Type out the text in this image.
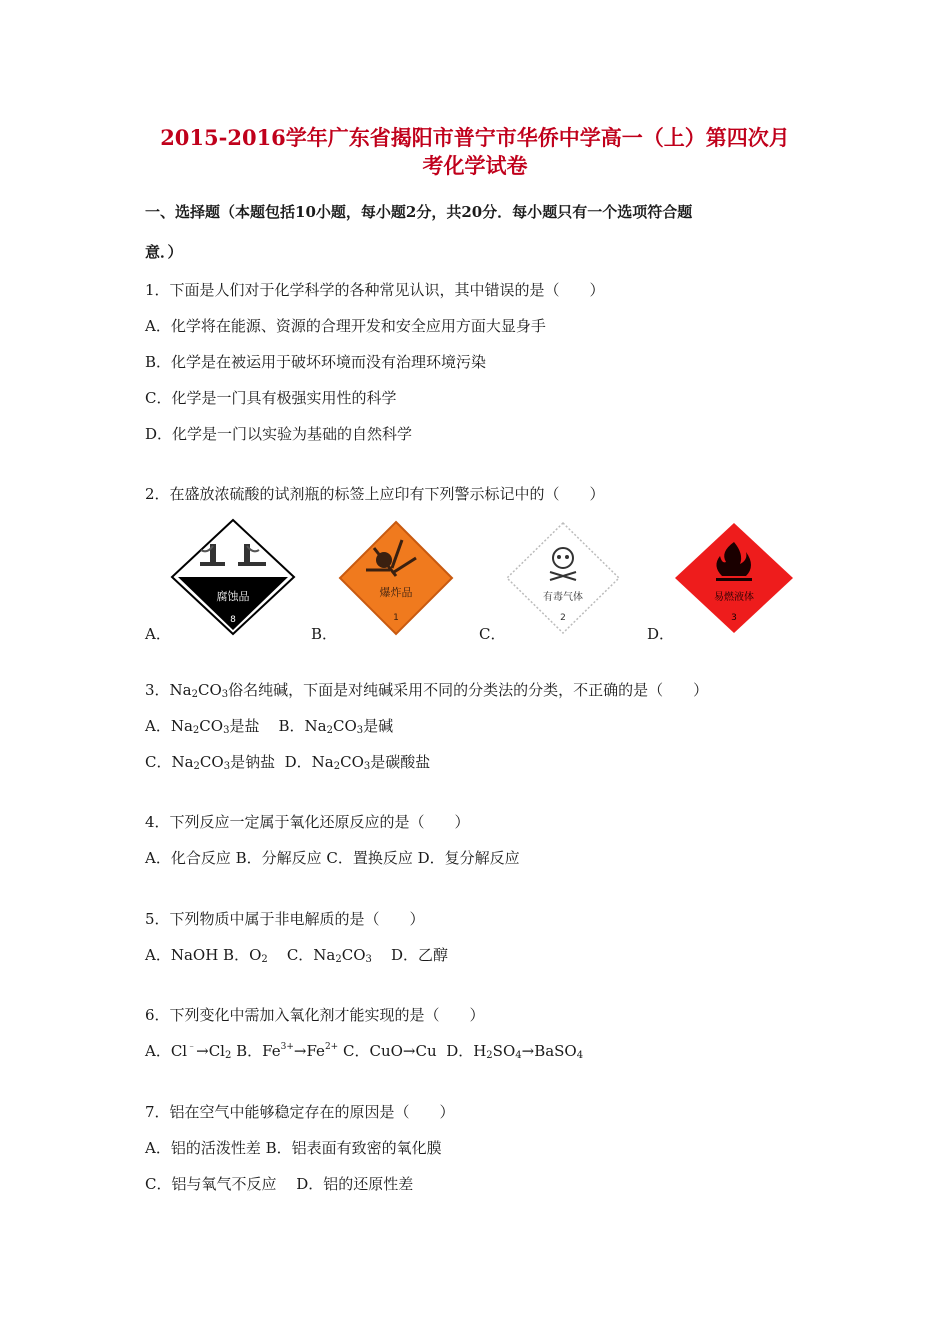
2015-2016学年广东省揭阳市普宁市华侨中学高一（上）第四次月
考化学试卷
一、选择题（本题包括10小题，每小题2分，共20分．每小题只有一个选项符合题
意．）
1．下面是人们对于化学科学的各种常见认识，其中错误的是（　　）
A．化学将在能源、资源的合理开发和安全应用方面大显身手
B．化学是在被运用于破坏环境而没有治理环境污染
C．化学是一门具有极强实用性的科学
D．化学是一门以实验为基础的自然科学
2．在盛放浓硫酸的试剂瓶的标签上应印有下列警示标记中的（　　）
腐蚀品
8
A．
爆炸品
1
B．
有毒气体
2
C．
易燃液体
3
D．
3．$Na_2CO_3$俗名纯碱，下面是对纯碱采用不同的分类法的分类，不正确的是（　　）
A．$Na_2CO_3$是盐 B．$Na_2CO_3$是碱
C．$Na_2CO_3$是钠盐 D．$Na_2CO_3$是碳酸盐
4．下列反应一定属于氧化还原反应的是（　　）
A．化合反应 B．分解反应 C．置换反应 D．复分解反应
5．下列物质中属于非电解质的是（　　）
A．NaOH B．$O_2$ C．$Na_2CO_3$ D．乙醇
6．下列变化中需加入氧化剂才能实现的是（　　）
A．$Cl^﹣\to Cl_2$ B．$Fe^{3+}\to Fe^{2+}$ C．CuO→Cu D．$H_2SO_4\to BaSO_4$
7．铝在空气中能够稳定存在的原因是（　　）
A．铝的活泼性差 B．铝表面有致密的氧化膜
C．铝与氧气不反应　 D．铝的还原性差
